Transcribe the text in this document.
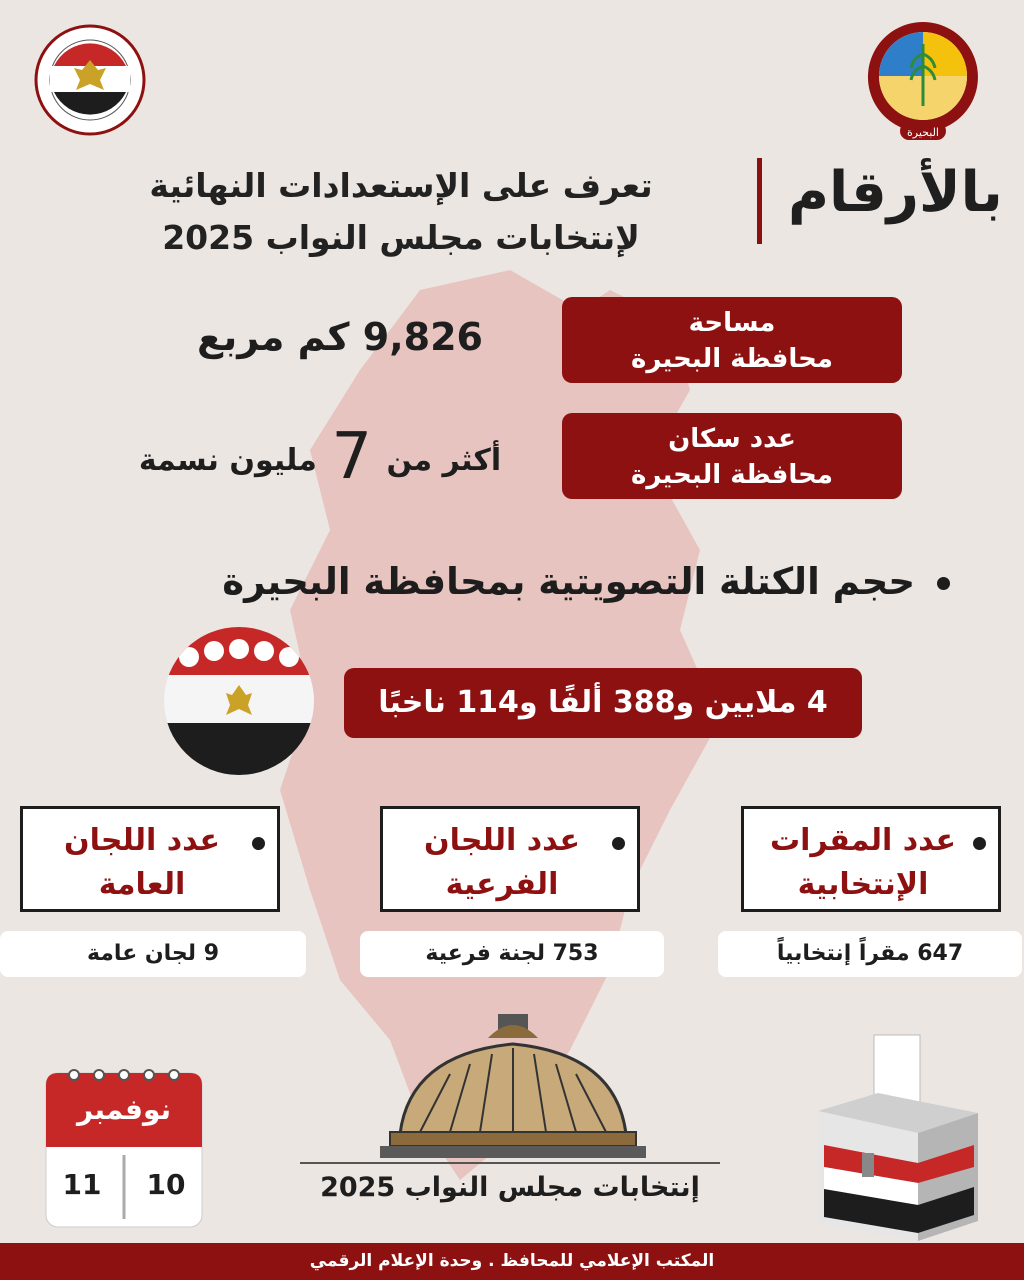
البحيرة
بالأرقام
تعرف على الإستعدادات النهائية
لإنتخابات مجلس النواب 2025
مساحة
محافظة البحيرة
9,826 كم مربع
عدد سكان
محافظة البحيرة
أكثر من 7 مليون نسمة
حجم الكتلة التصويتية بمحافظة البحيرة
4 ملايين و388 ألفًا و114 ناخبًا
عدد المقرات
الإنتخابية
عدد اللجان
الفرعية
عدد اللجان
العامة
647 مقراً إنتخابياً
753 لجنة فرعية
9 لجان عامة
نوفمبر
10
11	إنتخابات مجلس النواب 2025
المكتب الإعلامي للمحافظ . وحدة الإعلام الرقمي
